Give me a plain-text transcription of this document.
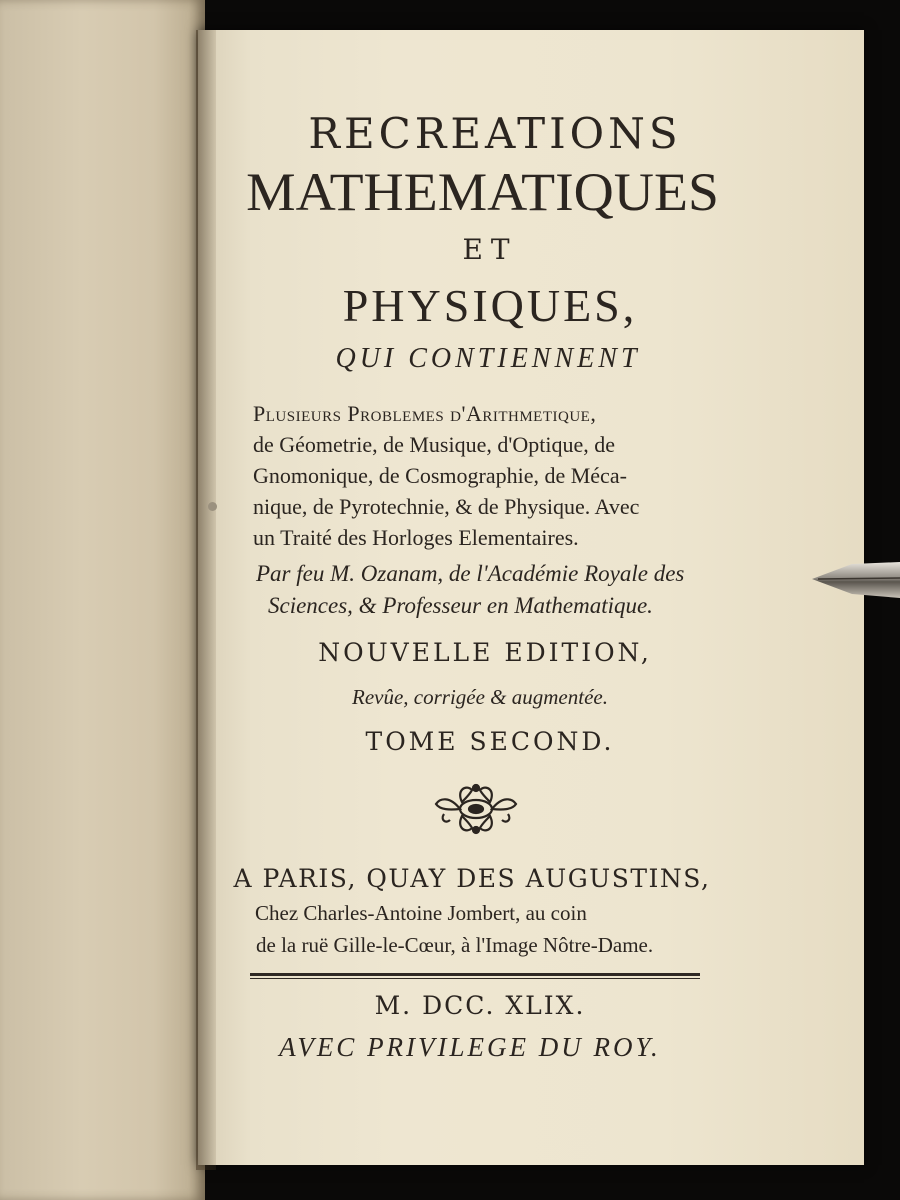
RECREATIONS
MATHEMATIQUES
ET
PHYSIQUES,
QUI CONTIENNENT
Plusieurs Problemes d'Arithmetique,
de Géometrie, de Musique, d'Optique, de
Gnomonique, de Cosmographie, de Méca-
nique, de Pyrotechnie, & de Physique. Avec
un Traité des Horloges Elementaires.
Par feu M. Ozanam, de l'Académie Royale des
Sciences, & Professeur en Mathematique.
NOUVELLE EDITION,
Revûe, corrigée & augmentée.
TOME SECOND.
A PARIS, QUAY DES AUGUSTINS,
Chez Charles-Antoine Jombert, au coin
de la ruë Gille-le-Cœur, à l'Image Nôtre-Dame.
M. DCC. XLIX.
AVEC PRIVILEGE DU ROY.
